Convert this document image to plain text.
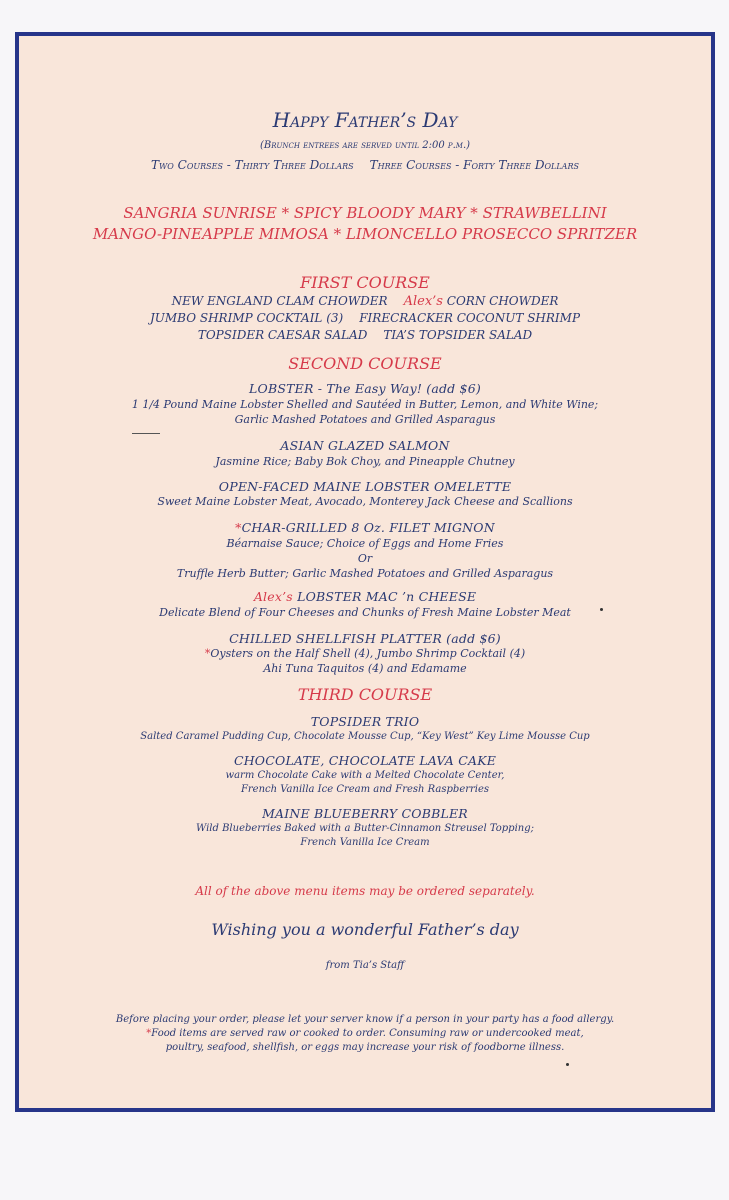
Happy Father’s Day
(Brunch entrees are served until 2:00 p.m.)
Two Courses - Thirty Three Dollars Three Courses - Forty Three Dollars
SANGRIA SUNRISE * SPICY BLOODY MARY * STRAWBELLINI
MANGO-PINEAPPLE MIMOSA * LIMONCELLO PROSECCO SPRITZER
FIRST COURSE
NEW ENGLAND CLAM CHOWDER Alex’s CORN CHOWDER
JUMBO SHRIMP COCKTAIL (3) FIRECRACKER COCONUT SHRIMP
TOPSIDER CAESAR SALAD TIA’S TOPSIDER SALAD
SECOND COURSE
LOBSTER - The Easy Way! (add $6)
1 1/4 Pound Maine Lobster Shelled and Sautéed in Butter, Lemon, and White Wine;
Garlic Mashed Potatoes and Grilled Asparagus
ASIAN GLAZED SALMON
Jasmine Rice; Baby Bok Choy, and Pineapple Chutney
OPEN-FACED MAINE LOBSTER OMELETTE
Sweet Maine Lobster Meat, Avocado, Monterey Jack Cheese and Scallions
*CHAR-GRILLED 8 Oz. FILET MIGNON
Béarnaise Sauce; Choice of Eggs and Home Fries
Or
Truffle Herb Butter; Garlic Mashed Potatoes and Grilled Asparagus
Alex’s LOBSTER MAC ’n CHEESE
Delicate Blend of Four Cheeses and Chunks of Fresh Maine Lobster Meat
CHILLED SHELLFISH PLATTER (add $6)
*Oysters on the Half Shell (4), Jumbo Shrimp Cocktail (4)
Ahi Tuna Taquitos (4) and Edamame
THIRD COURSE
TOPSIDER TRIO
Salted Caramel Pudding Cup, Chocolate Mousse Cup, “Key West” Key Lime Mousse Cup
CHOCOLATE, CHOCOLATE LAVA CAKE
warm Chocolate Cake with a Melted Chocolate Center,
French Vanilla Ice Cream and Fresh Raspberries
MAINE BLUEBERRY COBBLER
Wild Blueberries Baked with a Butter-Cinnamon Streusel Topping;
French Vanilla Ice Cream
All of the above menu items may be ordered separately.
Wishing you a wonderful Father’s day
from Tia’s Staff
Before placing your order, please let your server know if a person in your party has a food allergy.
*Food items are served raw or cooked to order. Consuming raw or undercooked meat,
poultry, seafood, shellfish, or eggs may increase your risk of foodborne illness.
